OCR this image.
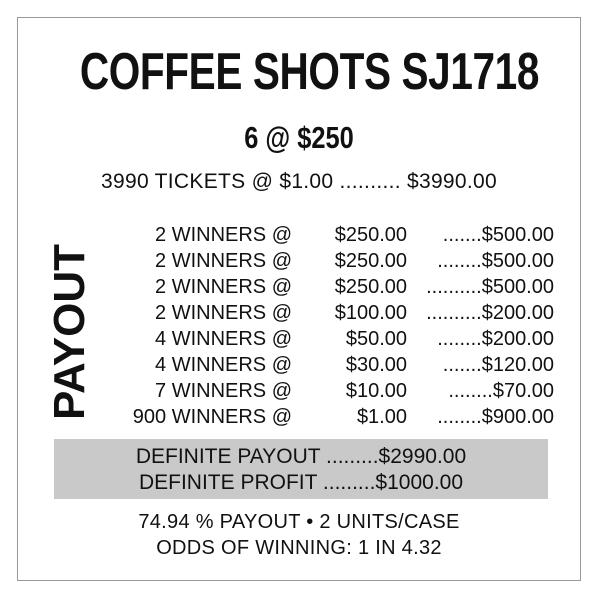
COFFEE SHOTS SJ1718
6 @ $250
3990 TICKETS @ $1.00 .......... $3990.00
PAYOUT
2 WINNERS @ $250.00 .......$500.00
2 WINNERS @ $250.00 ........$500.00
2 WINNERS @ $250.00 ..........$500.00
2 WINNERS @ $100.00 ..........$200.00
4 WINNERS @	$50.00 ........$200.00
4 WINNERS @	$30.00 .......$120.00
7 WINNERS @	$10.00 ........$70.00
900 WINNERS @	$1.00 ........$900.00
DEFINITE PAYOUT .........$2990.00
DEFINITE PROFIT .........$1000.00
74.94 % PAYOUT • 2 UNITS/CASE
ODDS OF WINNING: 1 IN 4.32
